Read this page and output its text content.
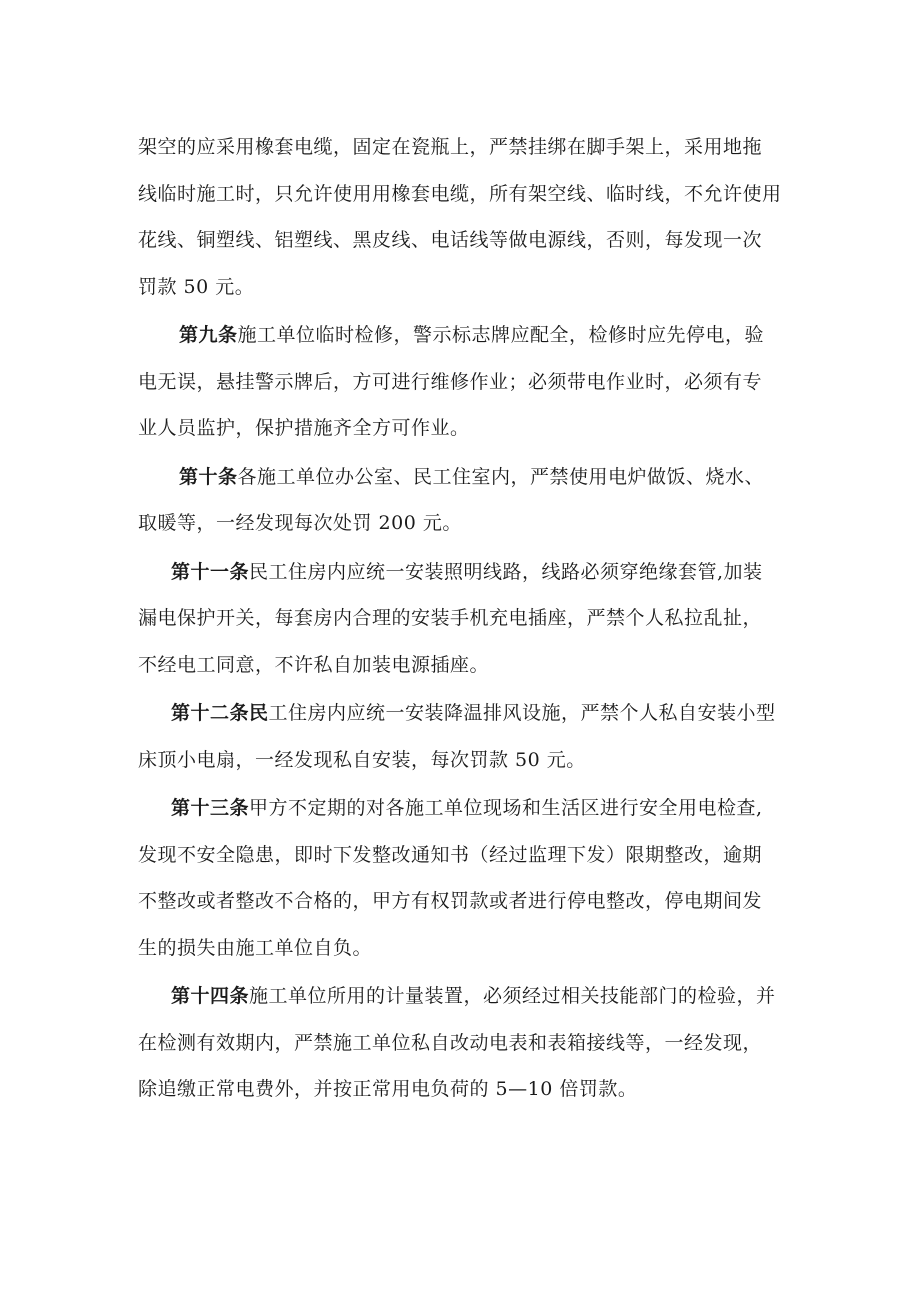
架空的应采用橡套电缆，固定在瓷瓶上，严禁挂绑在脚手架上，采用地拖
线临时施工时，只允许使用用橡套电缆，所有架空线、临时线，不允许使用
花线、铜塑线、铝塑线、黑皮线、电话线等做电源线，否则，每发现一次
罚款 50 元。

第九条施工单位临时检修，警示标志牌应配全，检修时应先停电，验
电无误，悬挂警示牌后，方可进行维修作业；必须带电作业时，必须有专
业人员监护，保护措施齐全方可作业。

第十条各施工单位办公室、民工住室内，严禁使用电炉做饭、烧水、
取暖等，一经发现每次处罚 200 元。

第十一条民工住房内应统一安装照明线路，线路必须穿绝缘套管,加装
漏电保护开关，每套房内合理的安装手机充电插座，严禁个人私拉乱扯，
不经电工同意，不许私自加装电源插座。

第十二条民工住房内应统一安装降温排风设施，严禁个人私自安装小型
床顶小电扇，一经发现私自安装，每次罚款 50 元。

第十三条甲方不定期的对各施工单位现场和生活区进行安全用电检查,
发现不安全隐患，即时下发整改通知书（经过监理下发）限期整改，逾期
不整改或者整改不合格的，甲方有权罚款或者进行停电整改，停电期间发
生的损失由施工单位自负。

第十四条施工单位所用的计量装置，必须经过相关技能部门的检验，并
在检测有效期内，严禁施工单位私自改动电表和表箱接线等，一经发现，
除追缴正常电费外，并按正常用电负荷的 5—10 倍罚款。
